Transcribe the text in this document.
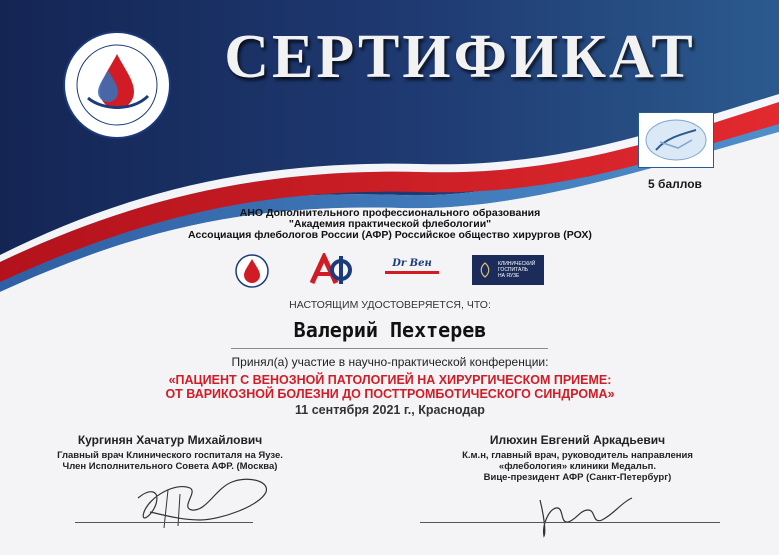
СЕРТИФИКАТ
5 баллов
АНО Дополнительного профессионального образования
"Академия практической флебологии"
Ассоциация флебологов России (АФР) Российское общество хирургов (РОХ)
Dr Вен	КЛИНИЧЕСКИЙ
ГОСПИТАЛЬ
НА ЯУЗЕ
НАСТОЯЩИМ УДОСТОВЕРЯЕТСЯ, ЧТО:
Валерий Пехтерев
Принял(а) участие в научно-практической конференции:
«ПАЦИЕНТ С ВЕНОЗНОЙ ПАТОЛОГИЕЙ НА ХИРУРГИЧЕСКОМ ПРИЕМЕ:
ОТ ВАРИКОЗНОЙ БОЛЕЗНИ ДО ПОСТТРОМБОТИЧЕСКОГО СИНДРОМА»
11 сентября 2021 г., Краснодар
Кургинян Хачатур Михайлович
Главный врач Клинического госпиталя на Яузе.
Член Исполнительного Совета АФР. (Москва)
Илюхин Евгений Аркадьевич
К.м.н, главный врач, руководитель направления
«флебология» клиники Медальп.
Вице-президент АФР (Санкт-Петербург)
